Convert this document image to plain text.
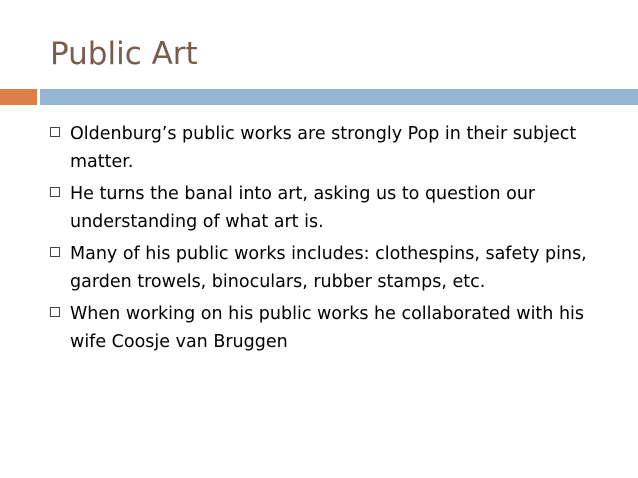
Public Art
Oldenburg’s public works are strongly Pop in their subject matter.
He turns the banal into art, asking us to question our understanding of what art is.
Many of his public works includes: clothespins, safety pins, garden trowels, binoculars, rubber stamps, etc.
When working on his public works he collaborated with his wife Coosje van Bruggen
